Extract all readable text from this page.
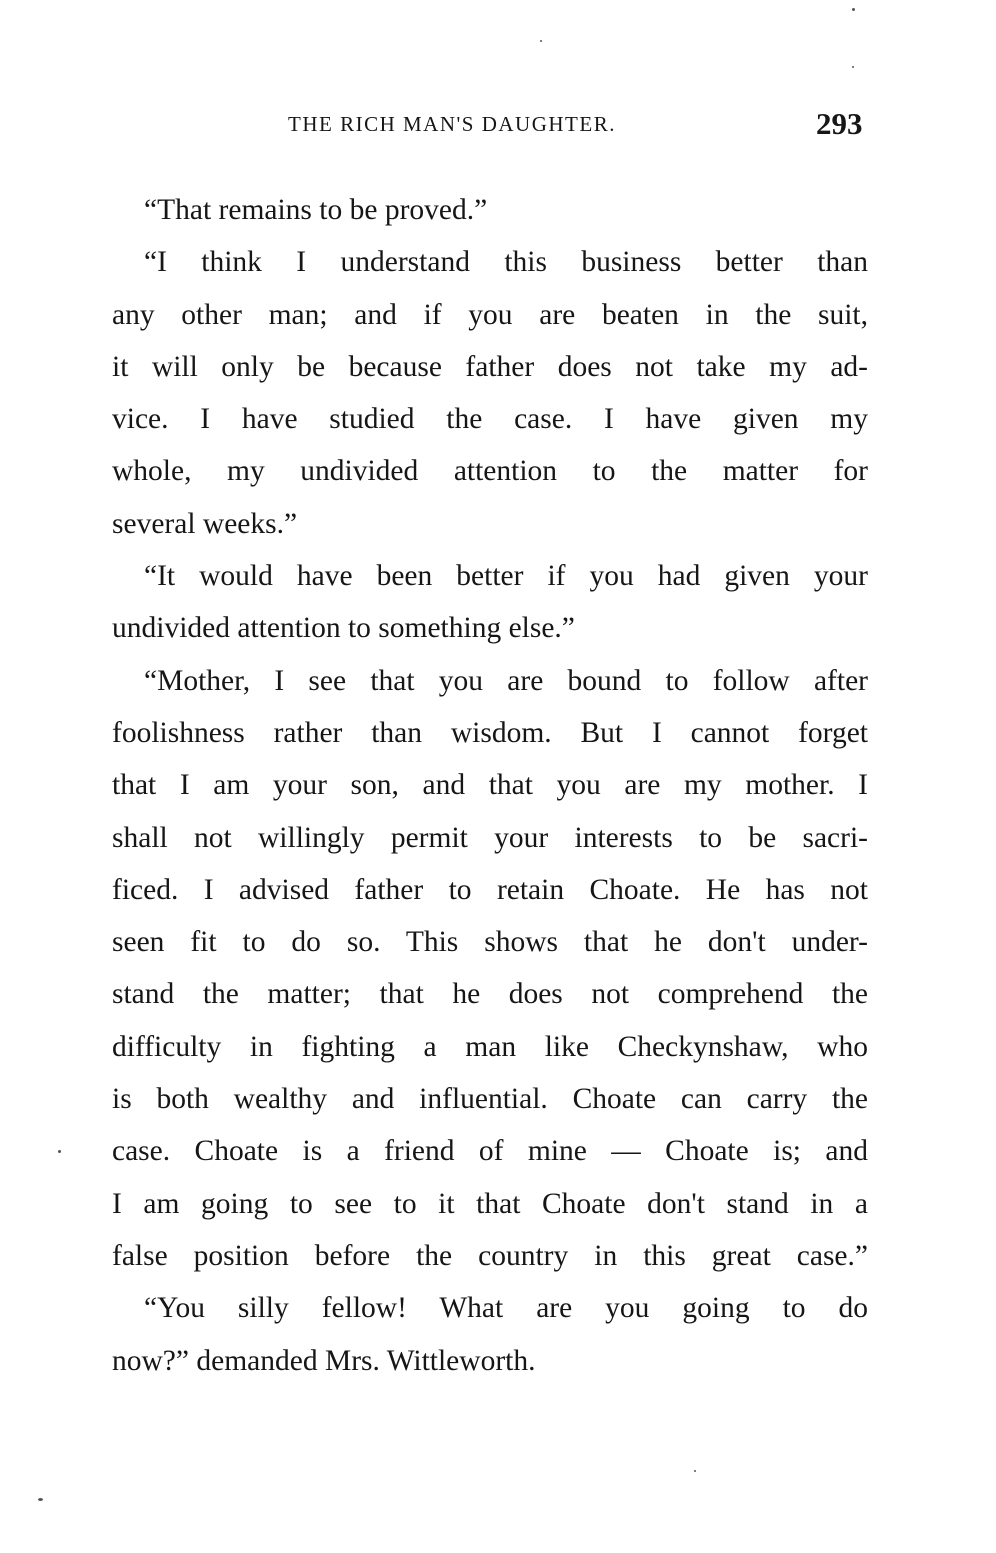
THE RICH MAN'S DAUGHTER.	293
“That remains to be proved.”
“I think I understand this business better than
any other man; and if you are beaten in the suit,
it will only be because father does not take my ad-
vice. I have studied the case. I have given my
whole, my undivided attention to the matter for
several weeks.”
“It would have been better if you had given your
undivided attention to something else.”
“Mother, I see that you are bound to follow after
foolishness rather than wisdom. But I cannot forget
that I am your son, and that you are my mother. I
shall not willingly permit your interests to be sacri-
ficed. I advised father to retain Choate. He has not
seen fit to do so. This shows that he don't under-
stand the matter; that he does not comprehend the
difficulty in fighting a man like Checkynshaw, who
is both wealthy and influential. Choate can carry the
case. Choate is a friend of mine — Choate is; and
I am going to see to it that Choate don't stand in a
false position before the country in this great case.”
“You silly fellow! What are you going to do
now?” demanded Mrs. Wittleworth.
